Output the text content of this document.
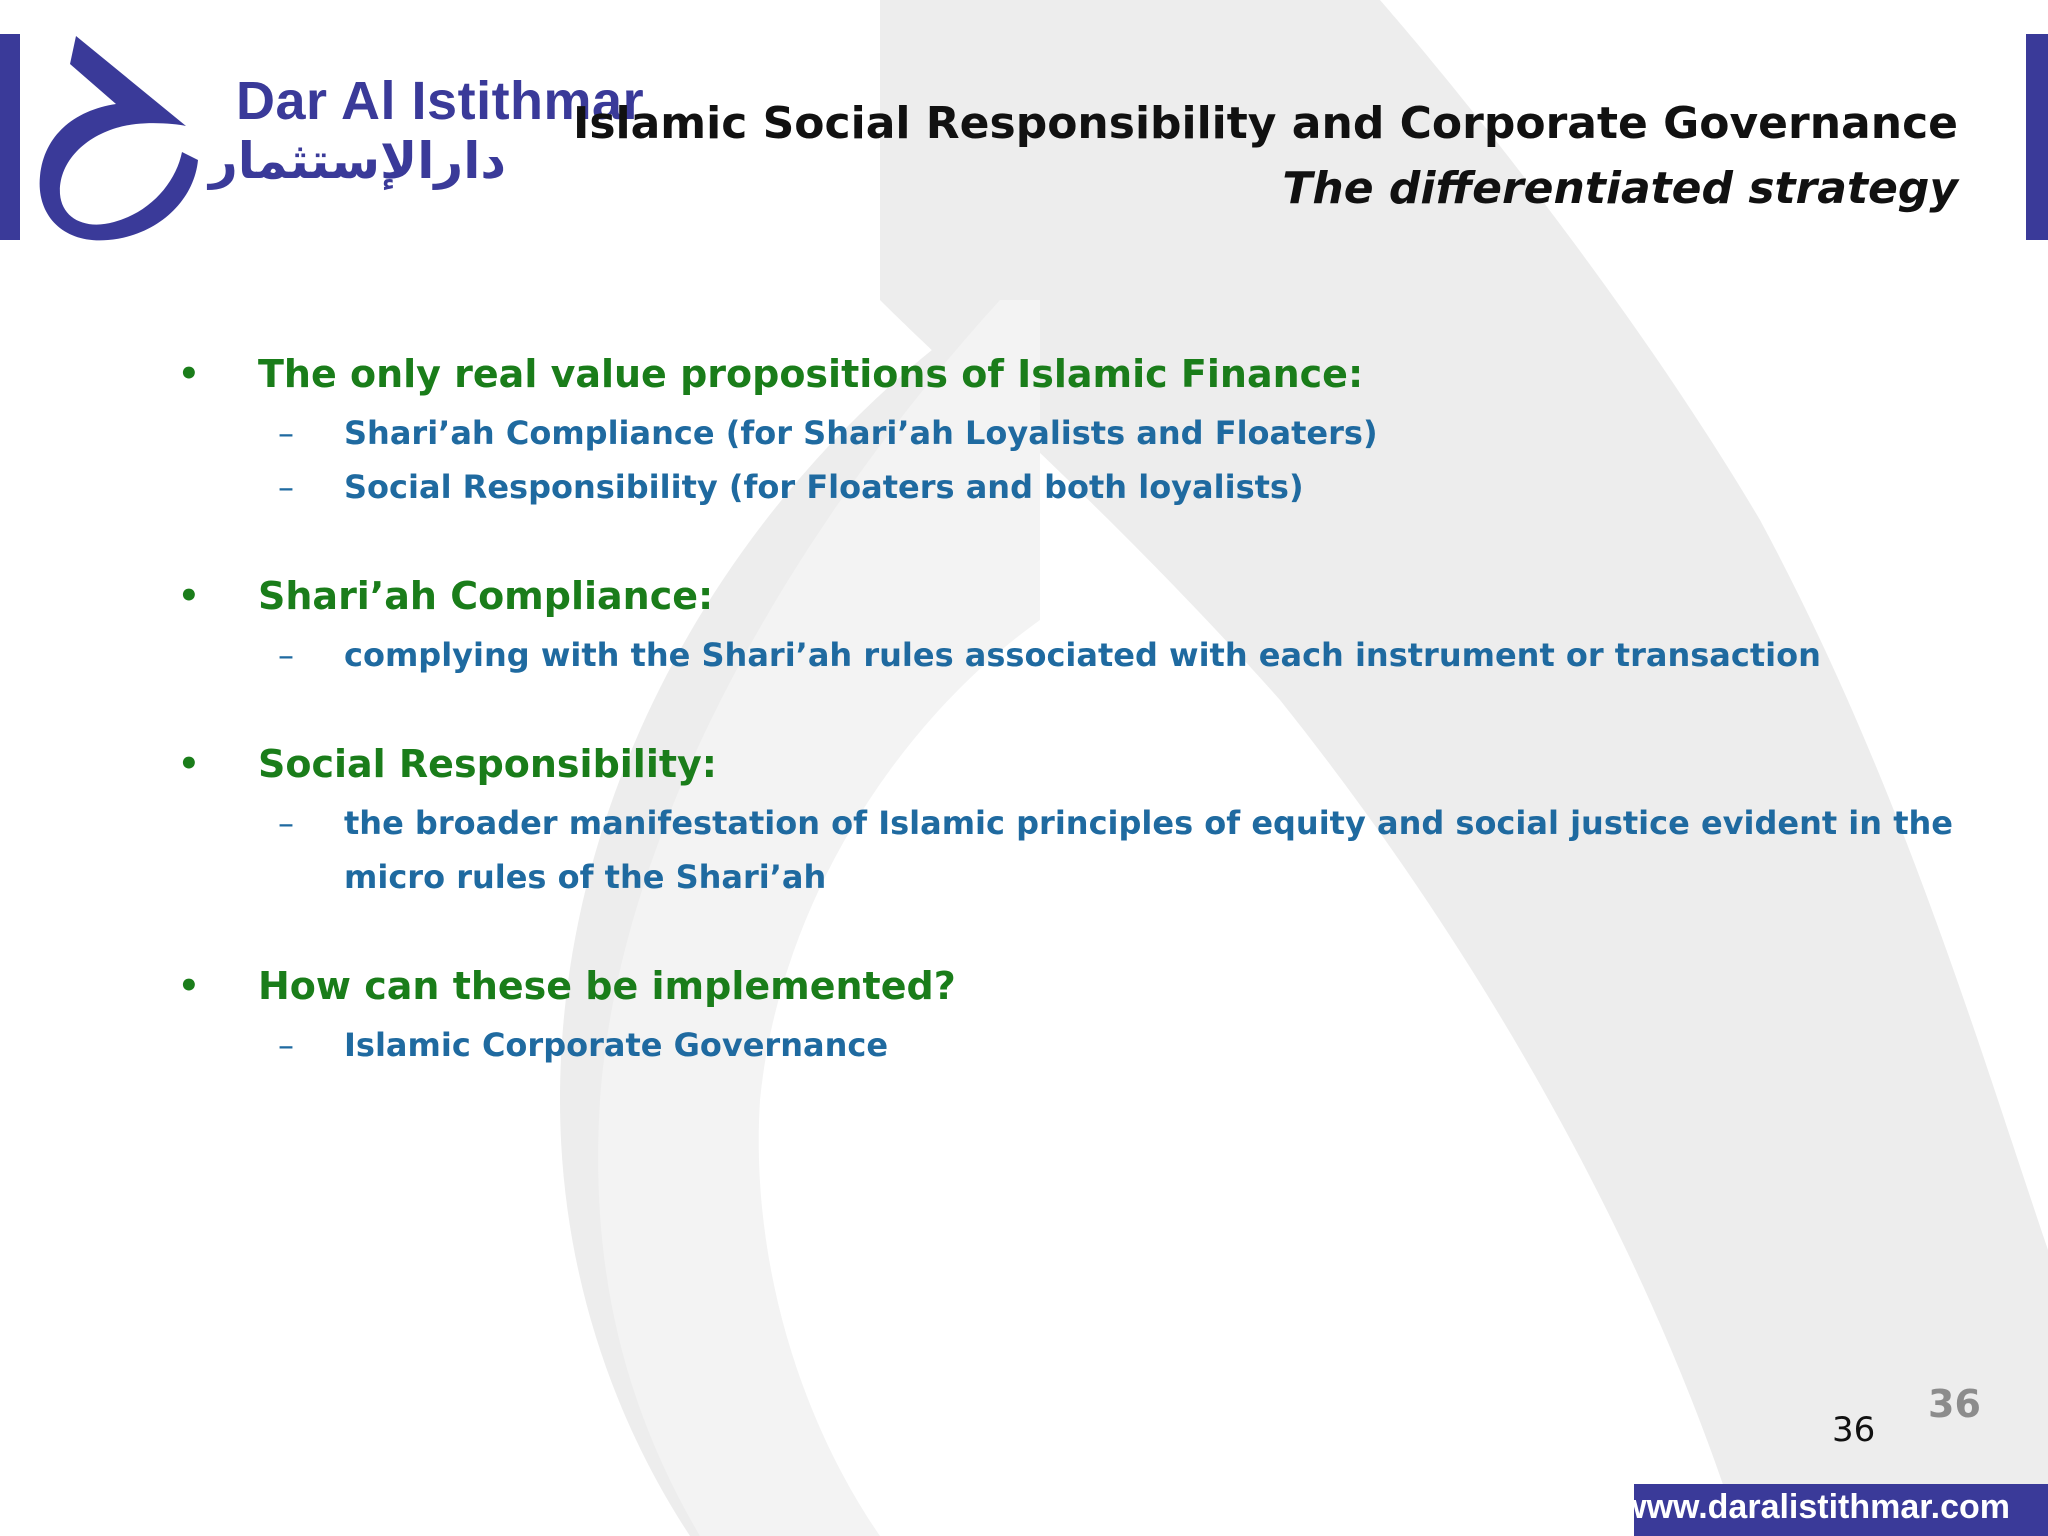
Dar Al Istithmar
دارالإستثمار
Islamic Social Responsibility and Corporate Governance
The differentiated strategy
• The only real value propositions of Islamic Finance:
– Shari’ah Compliance (for Shari’ah Loyalists and Floaters)
– Social Responsibility (for Floaters and both loyalists)
• Shari’ah Compliance:
– complying with the Shari’ah rules associated with each instrument or transaction
• Social Responsibility:
– the broader manifestation of Islamic principles of equity and social justice evident in the micro rules of the Shari’ah
• How can these be implemented?
– Islamic Corporate Governance
36
36
www.daralistithmar.com
